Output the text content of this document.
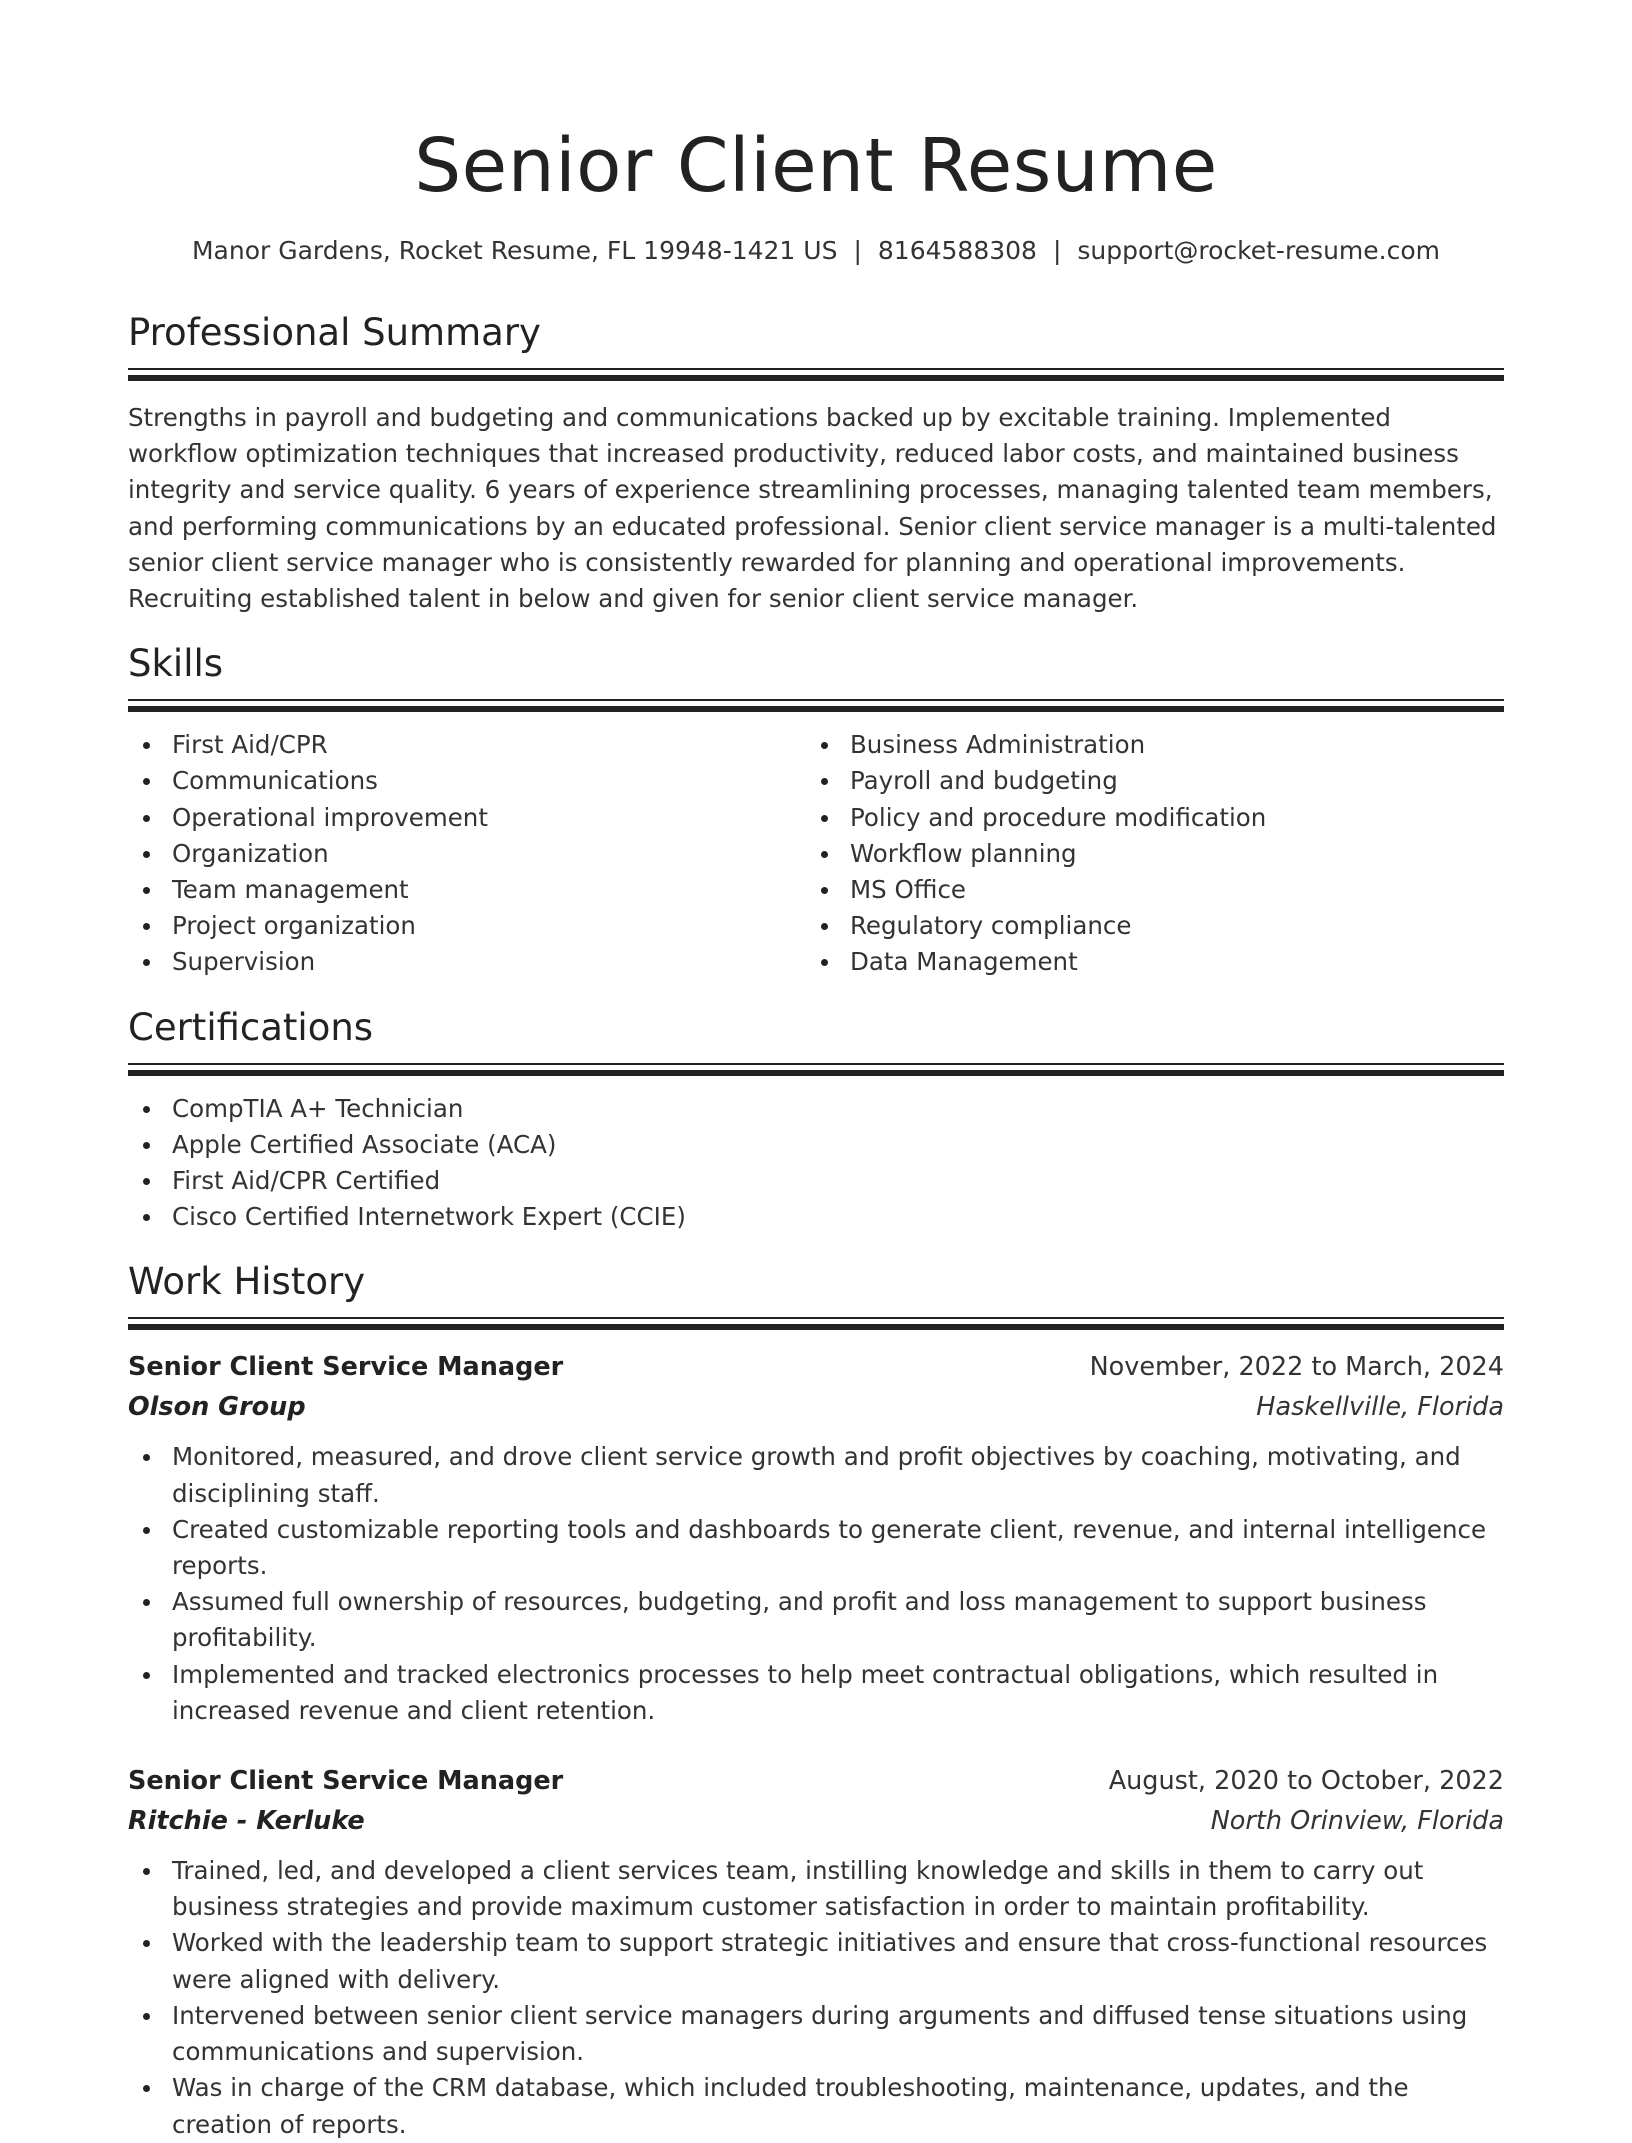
Senior Client Resume
Manor Gardens, Rocket Resume, FL 19948-1421 US | 8164588308 | support@rocket-resume.com
Professional Summary

Strengths in payroll and budgeting and communications backed up by excitable training. Implemented workflow optimization techniques that increased productivity, reduced labor costs, and maintained business integrity and service quality. 6 years of experience streamlining processes, managing talented team members, and performing communications by an educated professional. Senior client service manager is a multi-talented senior client service manager who is consistently rewarded for planning and operational improvements. Recruiting established talent in below and given for senior client service manager.

Skills
First Aid/CPR
Communications
Operational improvement
Organization
Team management
Project organization
Supervision
Business Administration
Payroll and budgeting
Policy and procedure modification
Workflow planning
MS Office
Regulatory compliance
Data Management
Certifications
CompTIA A+ Technician
Apple Certified Associate (ACA)
First Aid/CPR Certified
Cisco Certified Internetwork Expert (CCIE)
Work History
Senior Client Service Manager	November, 2022 to March, 2024
Olson Group	Haskellville, Florida
Monitored, measured, and drove client service growth and profit objectives by coaching, motivating, and disciplining staff.
Created customizable reporting tools and dashboards to generate client, revenue, and internal intelligence reports.
Assumed full ownership of resources, budgeting, and profit and loss management to support business profitability.
Implemented and tracked electronics processes to help meet contractual obligations, which resulted in increased revenue and client retention.
Senior Client Service Manager	August, 2020 to October, 2022
Ritchie - Kerluke	North Orinview, Florida
Trained, led, and developed a client services team, instilling knowledge and skills in them to carry out business strategies and provide maximum customer satisfaction in order to maintain profitability.
Worked with the leadership team to support strategic initiatives and ensure that cross-functional resources were aligned with delivery.
Intervened between senior client service managers during arguments and diffused tense situations using communications and supervision.
Was in charge of the CRM database, which included troubleshooting, maintenance, updates, and the creation of reports.
